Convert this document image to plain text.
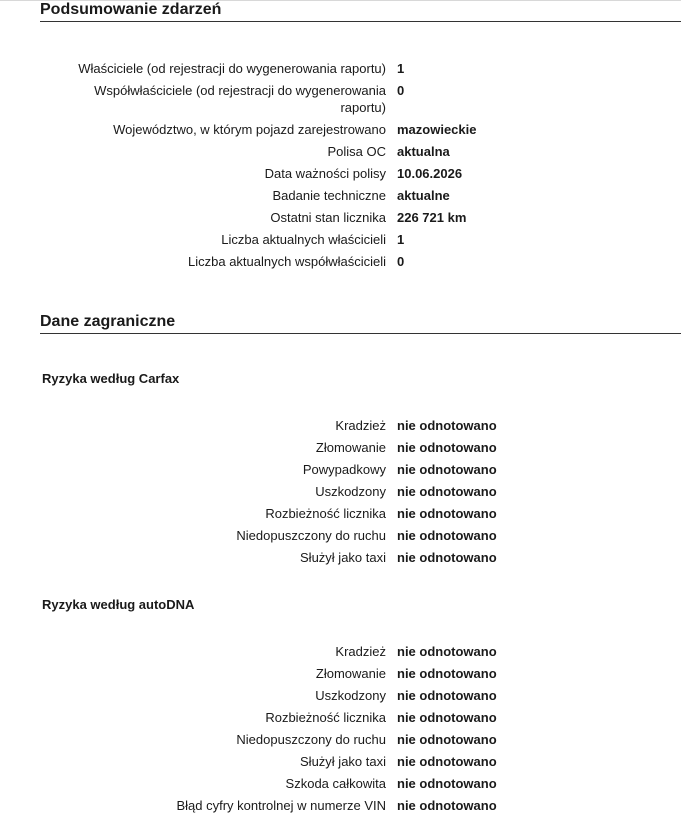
Podsumowanie zdarzeń
Właściciele (od rejestracji do wygenerowania raportu) 1
Współwłaściciele (od rejestracji do wygenerowania raportu)
0
Województwo, w którym pojazd zarejestrowano mazowieckie
Polisa OC aktualna
Data ważności polisy 10.06.2026
Badanie techniczne aktualne
Ostatni stan licznika 226 721 km
Liczba aktualnych właścicieli 1
Liczba aktualnych współwłaścicieli 0
Dane zagraniczne
Ryzyka według Carfax
Kradzież nie odnotowano
Złomowanie nie odnotowano
Powypadkowy nie odnotowano
Uszkodzony nie odnotowano
Rozbieżność licznika nie odnotowano
Niedopuszczony do ruchu nie odnotowano
Służył jako taxi nie odnotowano
Ryzyka według autoDNA
Kradzież nie odnotowano
Złomowanie nie odnotowano
Uszkodzony nie odnotowano
Rozbieżność licznika nie odnotowano
Niedopuszczony do ruchu nie odnotowano
Służył jako taxi nie odnotowano
Szkoda całkowita nie odnotowano
Błąd cyfry kontrolnej w numerze VIN nie odnotowano
